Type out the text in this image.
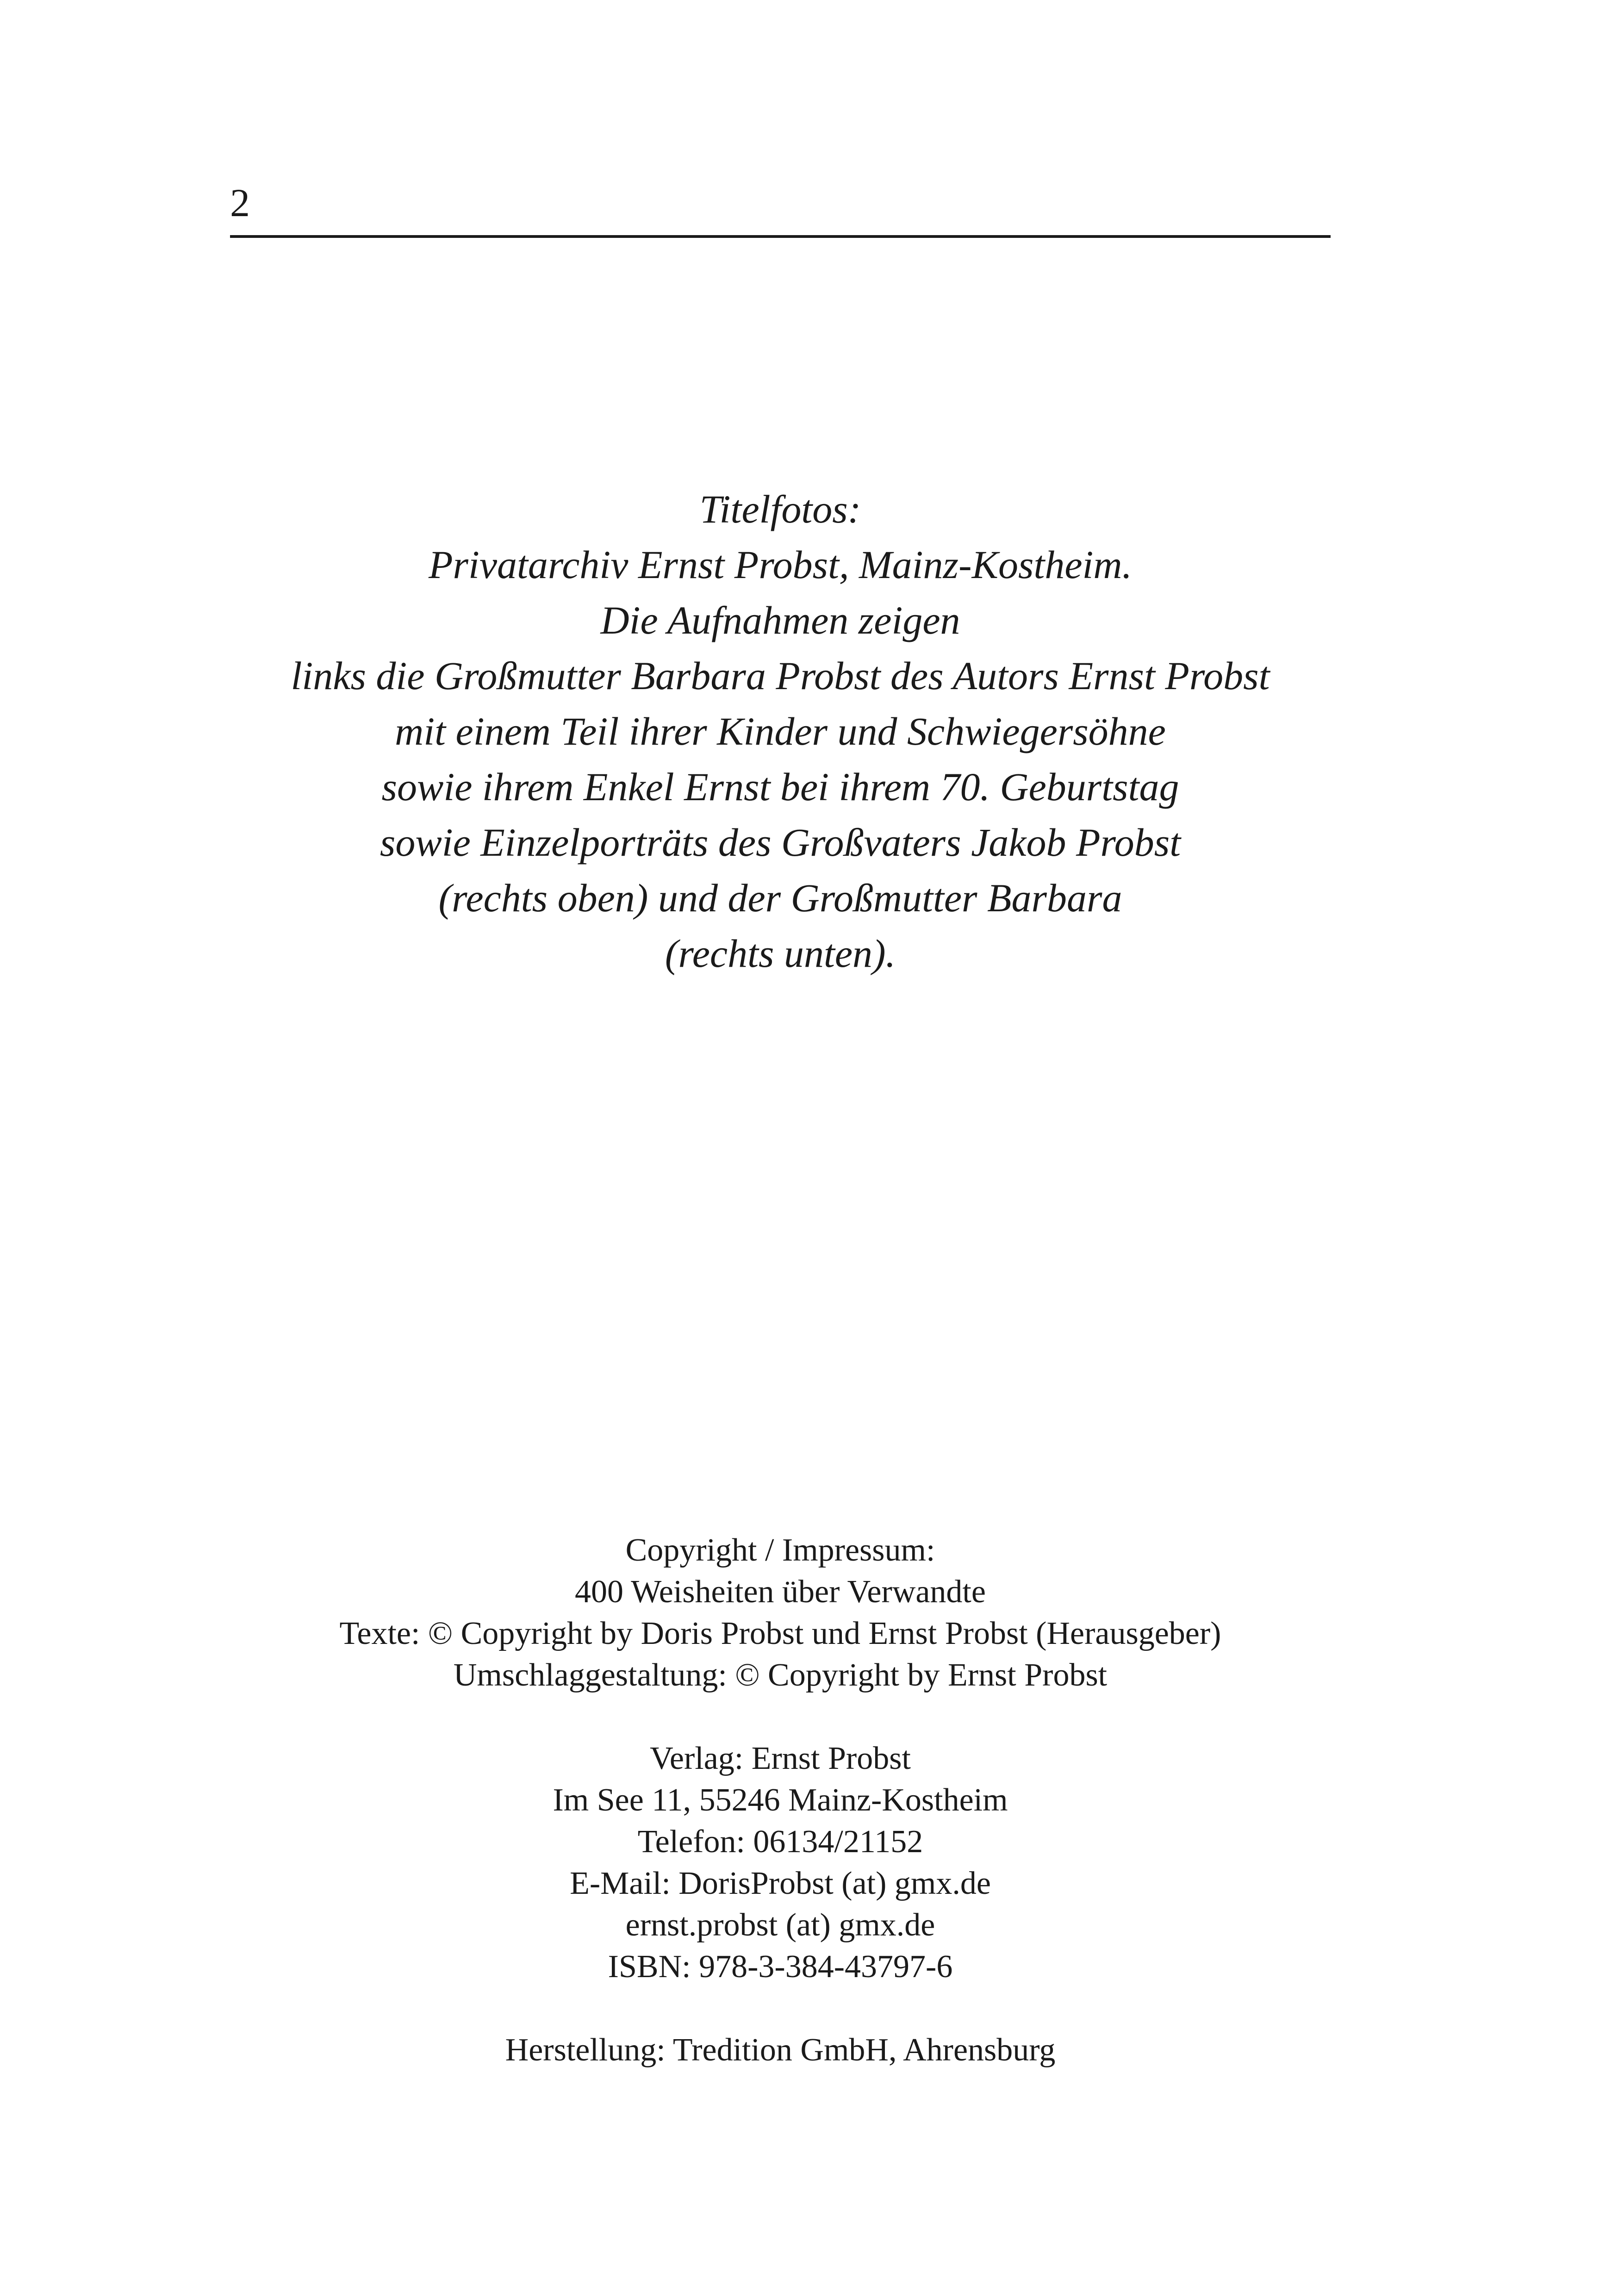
2
Titelfotos:
Privatarchiv Ernst Probst, Mainz-Kostheim.
Die Aufnahmen zeigen
links die Großmutter Barbara Probst des Autors Ernst Probst
mit einem Teil ihrer Kinder und Schwiegersöhne
sowie ihrem Enkel Ernst bei ihrem 70. Geburtstag
sowie Einzelporträts des Großvaters Jakob Probst
(rechts oben) und der Großmutter Barbara
(rechts unten).
Copyright / Impressum:
400 Weisheiten über Verwandte
Texte: © Copyright by Doris Probst und Ernst Probst (Herausgeber)
Umschlaggestaltung: © Copyright by Ernst Probst
Verlag: Ernst Probst
Im See 11, 55246 Mainz-Kostheim
Telefon: 06134/21152
E-Mail: DorisProbst (at) gmx.de
ernst.probst (at) gmx.de
ISBN: 978-3-384-43797-6
Herstellung: Tredition GmbH, Ahrensburg
